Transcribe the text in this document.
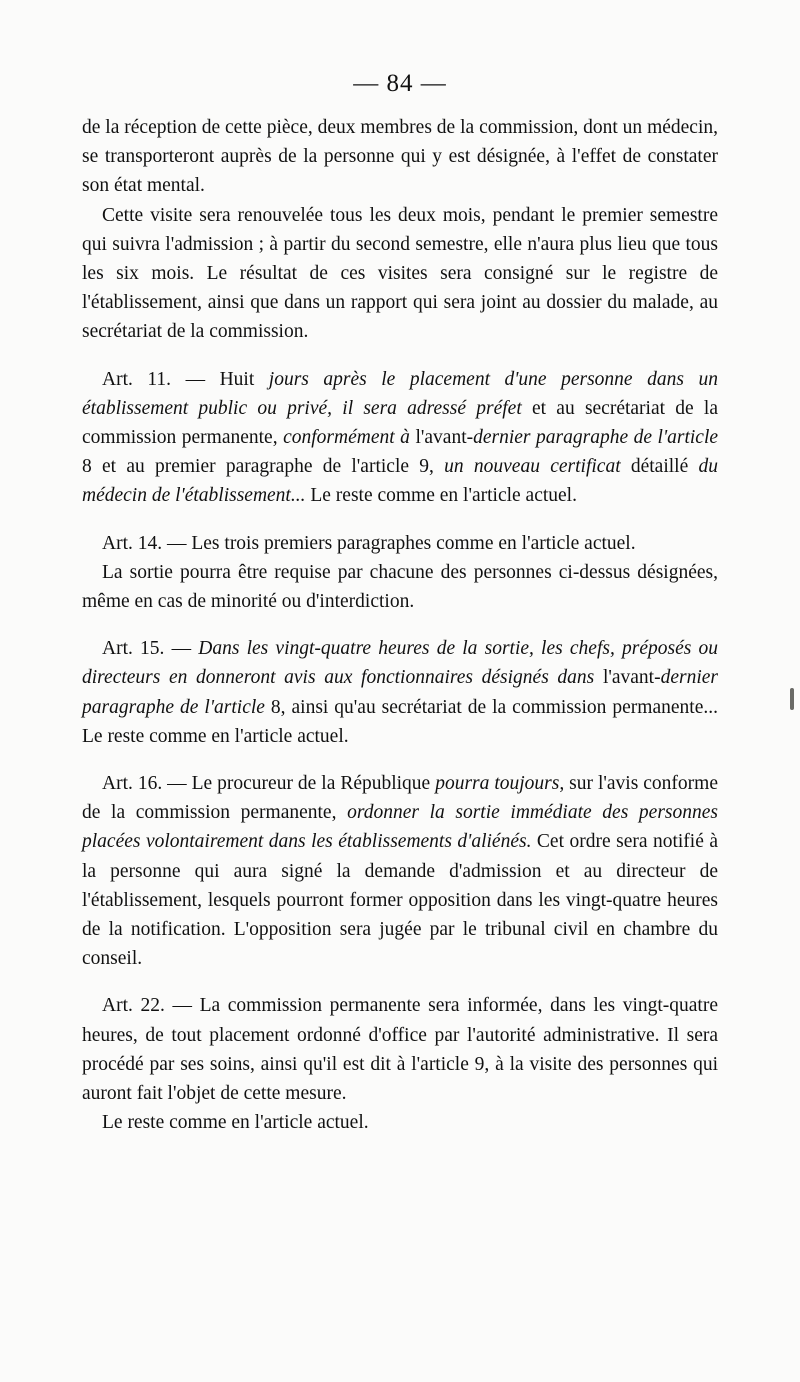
— 84 —

de la réception de cette pièce, deux membres de la commission, dont un médecin, se transporteront auprès de la personne qui y est désignée, à l'effet de constater son état mental.

Cette visite sera renouvelée tous les deux mois, pendant le premier semestre qui suivra l'admission ; à partir du second semestre, elle n'aura plus lieu que tous les six mois. Le résultat de ces visites sera consigné sur le registre de l'établissement, ainsi que dans un rapport qui sera joint au dossier du malade, au secrétariat de la commission.

Art. 11. — Huit jours après le placement d'une personne dans un établissement public ou privé, il sera adressé préfet et au secrétariat de la commission permanente, conformément à l'avant-dernier paragraphe de l'article 8 et au premier paragraphe de l'article 9, un nouveau certificat détaillé du médecin de l'établissement... Le reste comme en l'article actuel.

Art. 14. — Les trois premiers paragraphes comme en l'article actuel.

La sortie pourra être requise par chacune des personnes ci-dessus désignées, même en cas de minorité ou d'interdiction.

Art. 15. — Dans les vingt-quatre heures de la sortie, les chefs, préposés ou directeurs en donneront avis aux fonctionnaires désignés dans l'avant-dernier paragraphe de l'article 8, ainsi qu'au secrétariat de la commission permanente... Le reste comme en l'article actuel.

Art. 16. — Le procureur de la République pourra toujours, sur l'avis conforme de la commission permanente, ordonner la sortie immédiate des personnes placées volontairement dans les établissements d'aliénés. Cet ordre sera notifié à la personne qui aura signé la demande d'admission et au directeur de l'établissement, lesquels pourront former opposition dans les vingt-quatre heures de la notification. L'opposition sera jugée par le tribunal civil en chambre du conseil.

Art. 22. — La commission permanente sera informée, dans les vingt-quatre heures, de tout placement ordonné d'office par l'autorité administrative. Il sera procédé par ses soins, ainsi qu'il est dit à l'article 9, à la visite des personnes qui auront fait l'objet de cette mesure.

Le reste comme en l'article actuel.
